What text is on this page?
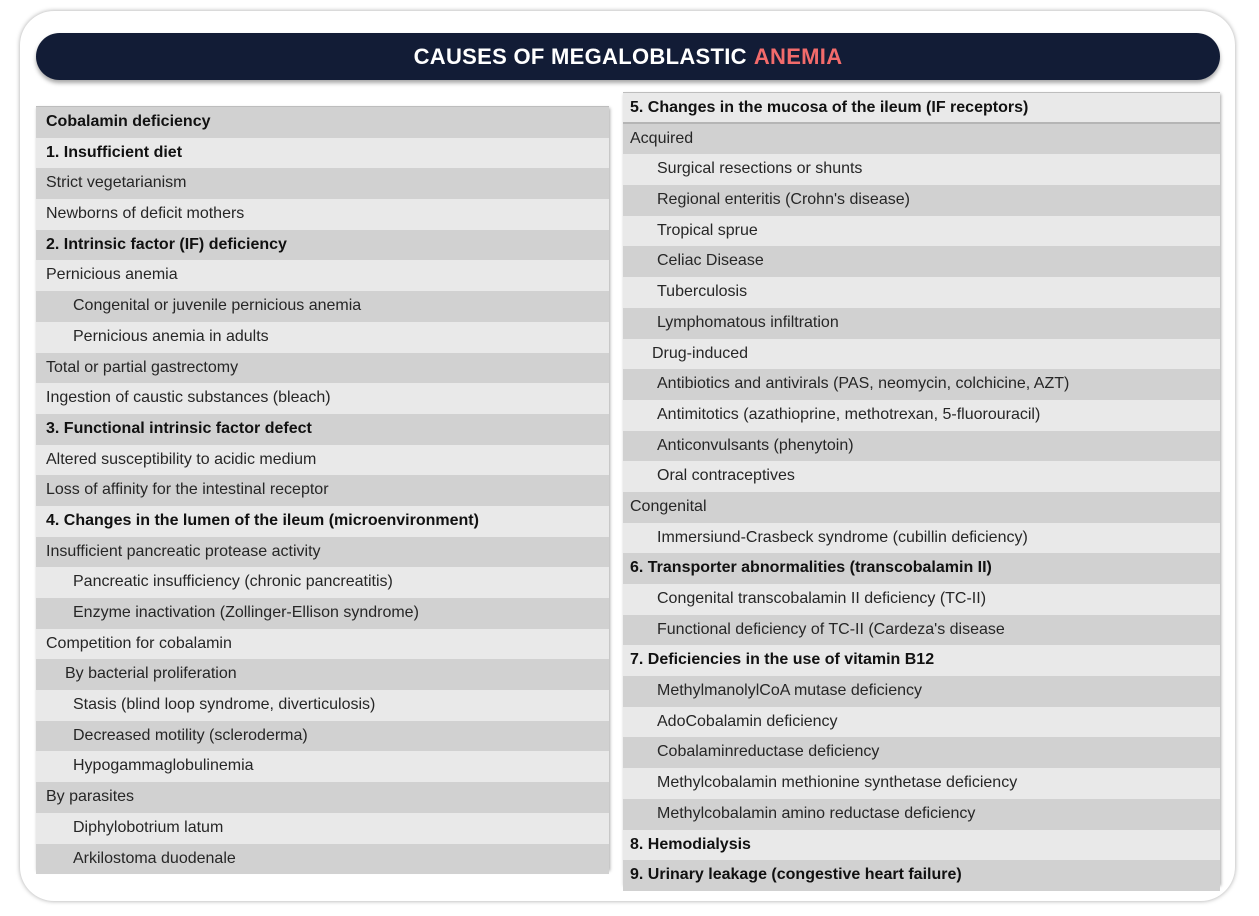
CAUSES OF MEGALOBLASTIC ANEMIA
Cobalamin deficiency
1. Insufficient diet
Strict vegetarianism
Newborns of deficit mothers
2. Intrinsic factor (IF) deficiency
Pernicious anemia
Congenital or juvenile pernicious anemia
Pernicious anemia in adults
Total or partial gastrectomy
Ingestion of caustic substances (bleach)
3. Functional intrinsic factor defect
Altered susceptibility to acidic medium
Loss of affinity for the intestinal receptor
4. Changes in the lumen of the ileum (microenvironment)
Insufficient pancreatic protease activity
Pancreatic insufficiency (chronic pancreatitis)
Enzyme inactivation (Zollinger-Ellison syndrome)
Competition for cobalamin
By bacterial proliferation
Stasis (blind loop syndrome, diverticulosis)
Decreased motility (scleroderma)
Hypogammaglobulinemia
By parasites
Diphylobotrium latum
Arkilostoma duodenale
5. Changes in the mucosa of the ileum (IF receptors)
Acquired
Surgical resections or shunts
Regional enteritis (Crohn's disease)
Tropical sprue
Celiac Disease
Tuberculosis
Lymphomatous infiltration
Drug-induced
Antibiotics and antivirals (PAS, neomycin, colchicine, AZT)
Antimitotics (azathioprine, methotrexan, 5-fluorouracil)
Anticonvulsants (phenytoin)
Oral contraceptives
Congenital
Immersiund-Crasbeck syndrome (cubillin deficiency)
6. Transporter abnormalities (transcobalamin II)
Congenital transcobalamin II deficiency (TC-II)
Functional deficiency of TC-II (Cardeza's disease
7. Deficiencies in the use of vitamin B12
MethylmanolylCoA mutase deficiency
AdoCobalamin deficiency
Cobalaminreductase deficiency
Methylcobalamin methionine synthetase deficiency
Methylcobalamin amino reductase deficiency
8. Hemodialysis
9. Urinary leakage (congestive heart failure)
